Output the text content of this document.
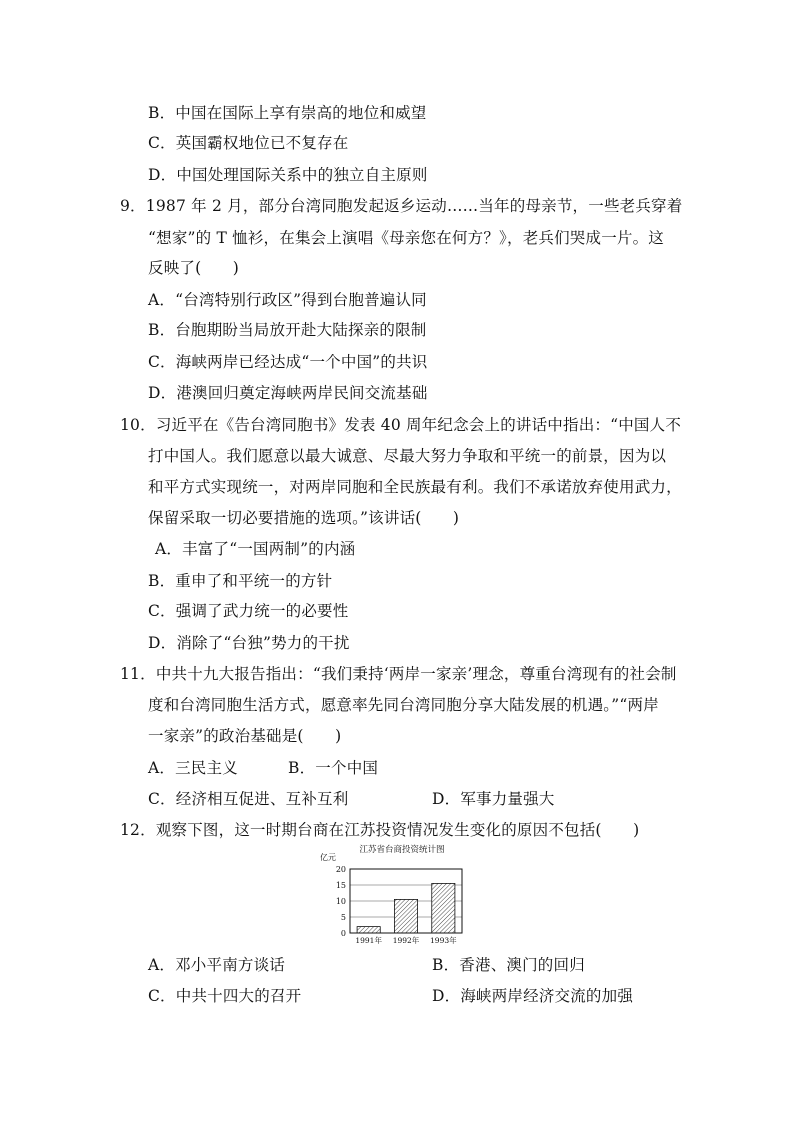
B．中国在国际上享有崇高的地位和威望
C．英国霸权地位已不复存在
D．中国处理国际关系中的独立自主原则
9．1987 年 2 月，部分台湾同胞发起返乡运动……当年的母亲节，一些老兵穿着
“想家”的 T 恤衫，在集会上演唱《母亲您在何方？》，老兵们哭成一片。这
反映了(　　)
A．“台湾特别行政区”得到台胞普遍认同
B．台胞期盼当局放开赴大陆探亲的限制
C．海峡两岸已经达成“一个中国”的共识
D．港澳回归奠定海峡两岸民间交流基础
10．习近平在《告台湾同胞书》发表 40 周年纪念会上的讲话中指出：“中国人不
打中国人。我们愿意以最大诚意、尽最大努力争取和平统一的前景，因为以
和平方式实现统一，对两岸同胞和全民族最有利。我们不承诺放弃使用武力，
保留采取一切必要措施的选项。”该讲话(　　)
A．丰富了“一国两制”的内涵
B．重申了和平统一的方针
C．强调了武力统一的必要性
D．消除了“台独”势力的干扰
11．中共十九大报告指出：“我们秉持‘两岸一家亲’理念，尊重台湾现有的社会制
度和台湾同胞生活方式，愿意率先同台湾同胞分享大陆发展的机遇。”“两岸
一家亲”的政治基础是(　　)
A．三民主义	B．一个中国
C．经济相互促进、互补互利	D．军事力量强大
12．观察下图，这一时期台商在江苏投资情况发生变化的原因不包括(　　)
江苏省台商投资统计图
亿元
0
5
10
15
20
1991年 1992年 1993年
A．邓小平南方谈话	B．香港、澳门的回归
C．中共十四大的召开	D．海峡两岸经济交流的加强
